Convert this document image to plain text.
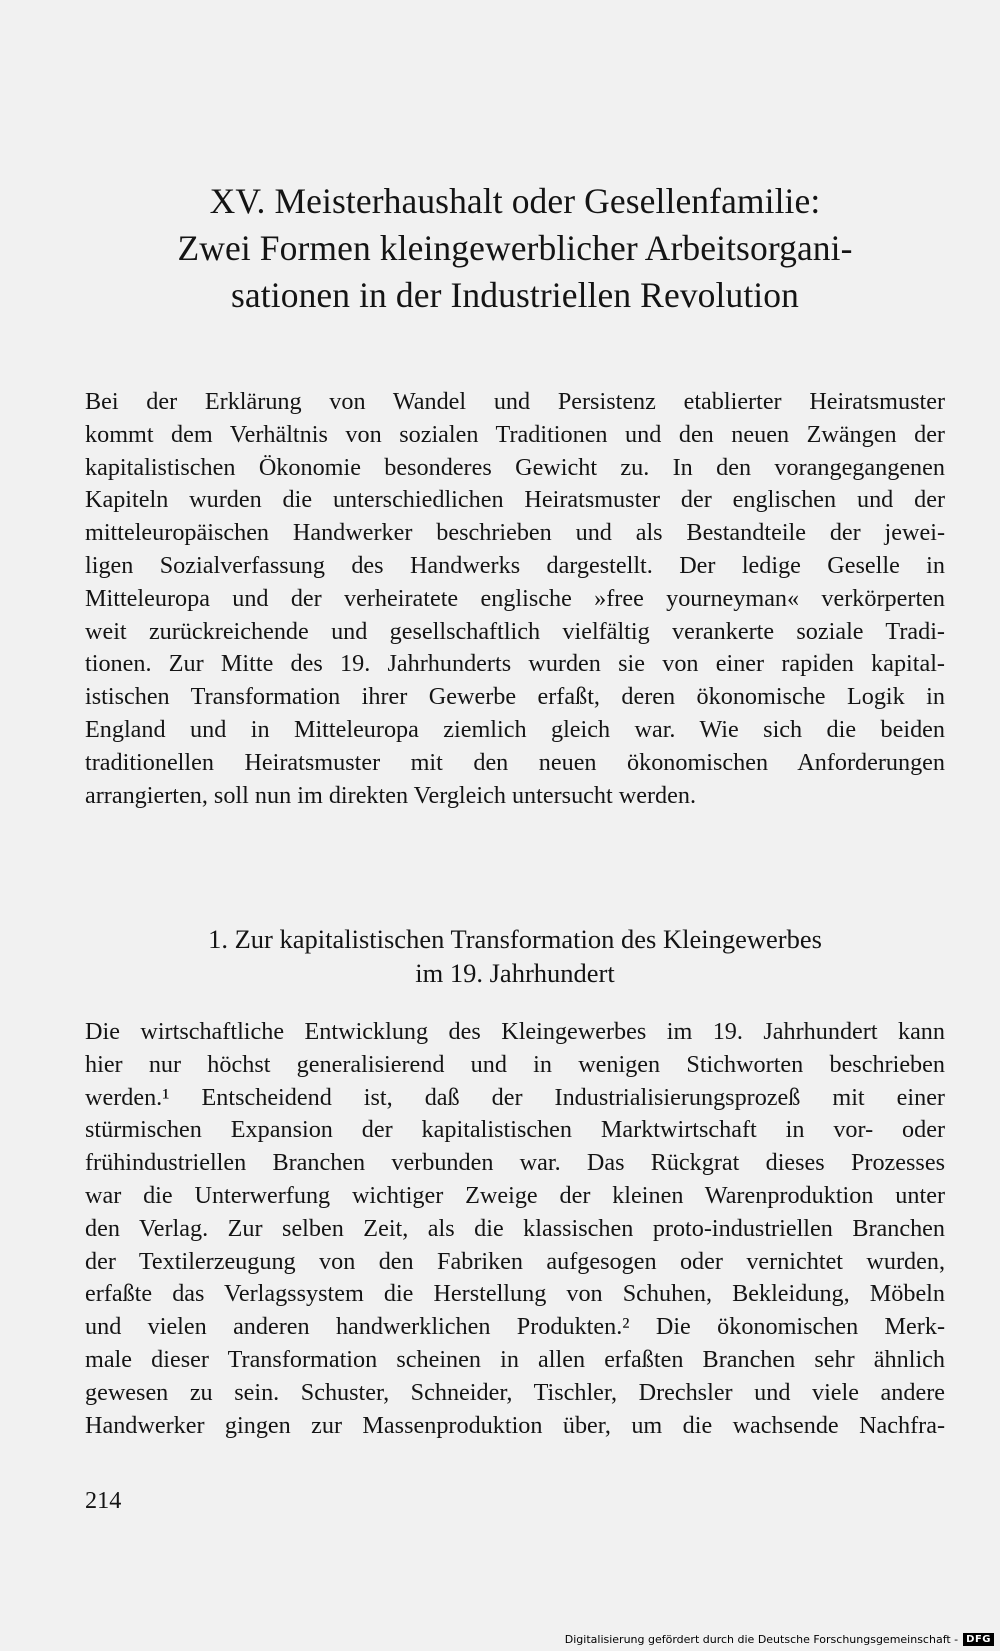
XV. Meisterhaushalt oder Gesellenfamilie:
Zwei Formen kleingewerblicher Arbeitsorgani-
sationen in der Industriellen Revolution

Bei der Erklärung von Wandel und Persistenz etablierter Heiratsmuster
kommt dem Verhältnis von sozialen Traditionen und den neuen Zwängen der
kapitalistischen Ökonomie besonderes Gewicht zu. In den vorangegangenen
Kapiteln wurden die unterschiedlichen Heiratsmuster der englischen und der
mitteleuropäischen Handwerker beschrieben und als Bestandteile der jewei-
ligen Sozialverfassung des Handwerks dargestellt. Der ledige Geselle in
Mitteleuropa und der verheiratete englische »free yourneyman« verkörperten
weit zurückreichende und gesellschaftlich vielfältig verankerte soziale Tradi-
tionen. Zur Mitte des 19. Jahrhunderts wurden sie von einer rapiden kapital-
istischen Transformation ihrer Gewerbe erfaßt, deren ökonomische Logik in
England und in Mitteleuropa ziemlich gleich war. Wie sich die beiden
traditionellen Heiratsmuster mit den neuen ökonomischen Anforderungen
arrangierten, soll nun im direkten Vergleich untersucht werden.

1. Zur kapitalistischen Transformation des Kleingewerbes
im 19. Jahrhundert

Die wirtschaftliche Entwicklung des Kleingewerbes im 19. Jahrhundert kann
hier nur höchst generalisierend und in wenigen Stichworten beschrieben
werden.¹ Entscheidend ist, daß der Industrialisierungsprozeß mit einer
stürmischen Expansion der kapitalistischen Marktwirtschaft in vor- oder
frühindustriellen Branchen verbunden war. Das Rückgrat dieses Prozesses
war die Unterwerfung wichtiger Zweige der kleinen Warenproduktion unter
den Verlag. Zur selben Zeit, als die klassischen proto-industriellen Branchen
der Textilerzeugung von den Fabriken aufgesogen oder vernichtet wurden,
erfaßte das Verlagssystem die Herstellung von Schuhen, Bekleidung, Möbeln
und vielen anderen handwerklichen Produkten.² Die ökonomischen Merk-
male dieser Transformation scheinen in allen erfaßten Branchen sehr ähnlich
gewesen zu sein. Schuster, Schneider, Tischler, Drechsler und viele andere
Handwerker gingen zur Massenproduktion über, um die wachsende Nachfra-

214
Digitalisierung gefördert durch die Deutsche Forschungsgemeinschaft - DFG
